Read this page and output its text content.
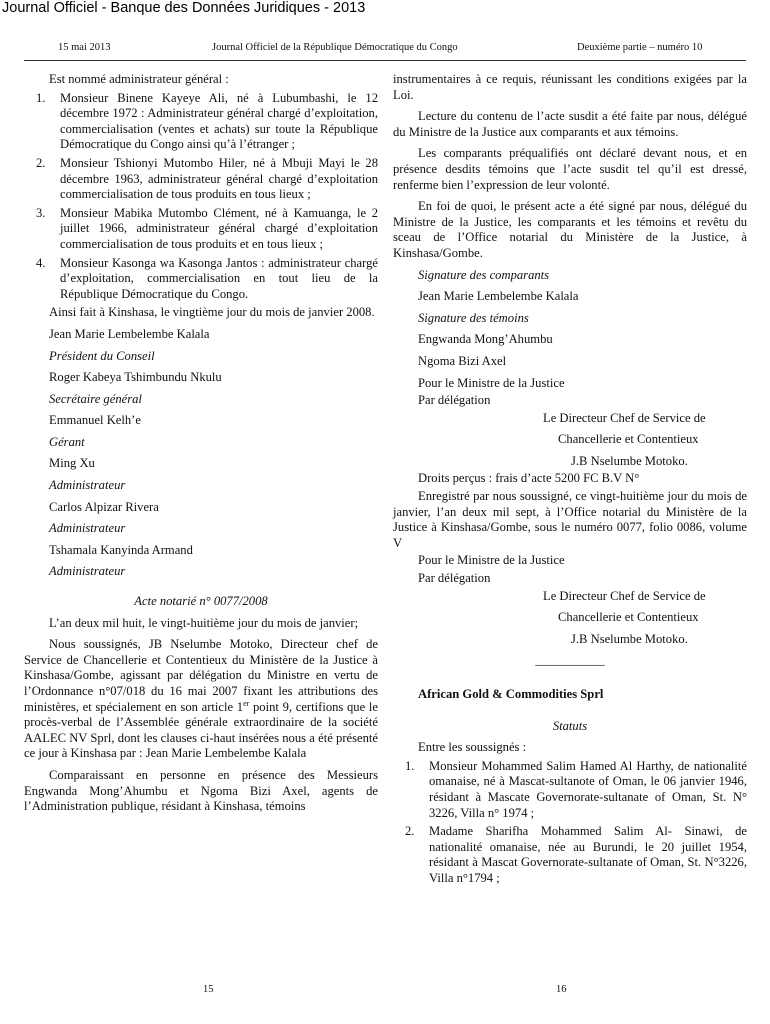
Journal Officiel - Banque des Données Juridiques - 2013
15 mai 2013	Journal Officiel de la République Démocratique du Congo	Deuxième partie – numéro 10

Est nommé administrateur général :

1. Monsieur Binene Kayeye Ali, né à Lubumbashi, le 12 décembre 1972 : Administrateur général chargé d’exploitation, commercialisation (ventes et achats) sur toute la République Démocratique du Congo ainsi qu’à l’étranger ;
2. Monsieur Tshionyi Mutombo Hiler, né à Mbuji Mayi le 28 décembre 1963, administrateur général chargé d’exploitation commercialisation de tous produits en tous lieux ;
3. Monsieur Mabika Mutombo Clément, né à Kamuanga, le 2 juillet 1966, administrateur général chargé d’exploitation commercialisation de tous produits et en tous lieux ;
4. Monsieur Kasonga wa Kasonga Jantos : administrateur chargé d’exploitation, commercialisation en tout lieu de la République Démocratique du Congo.

Ainsi fait à Kinshasa, le vingtième jour du mois de janvier 2008.

Jean Marie Lembelembe Kalala

Président du Conseil

Roger Kabeya Tshimbundu Nkulu

Secrétaire général

Emmanuel Kelh’e

Gérant

Ming Xu

Administrateur

Carlos Alpizar Rivera

Administrateur

Tshamala Kanyinda Armand

Administrateur

Acte notarié n° 0077/2008

L’an deux mil huit, le vingt-huitième jour du mois de janvier;

Nous soussignés, JB Nselumbe Motoko, Directeur chef de Service de Chancellerie et Contentieux du Ministère de la Justice à Kinshasa/Gombe, agissant par délégation du Ministre en vertu de l’Ordonnance n°07/018 du 16 mai 2007 fixant les attributions des ministères, et spécialement en son article 1er point 9, certifions que le procès-verbal de l’Assemblée générale extraordinaire de la société AALEC NV Sprl, dont les clauses ci-haut insérées nous a été présenté ce jour à Kinshasa par : Jean Marie Lembelembe Kalala

Comparaissant en personne en présence des Messieurs Engwanda Mong’Ahumbu et Ngoma Bizi Axel, agents de l’Administration publique, résidant à Kinshasa, témoins

instrumentaires à ce requis, réunissant les conditions exigées par la Loi.

Lecture du contenu de l’acte susdit a été faite par nous, délégué du Ministre de la Justice aux comparants et aux témoins.

Les comparants préqualifiés ont déclaré devant nous, et en présence desdits témoins que l’acte susdit tel qu’il est dressé, renferme bien l’expression de leur volonté.

En foi de quoi, le présent acte a été signé par nous, délégué du Ministre de la Justice, les comparants et les témoins et revêtu du sceau de l’Office notarial du Ministère de la Justice, à Kinshasa/Gombe.

Signature des comparants

Jean Marie Lembelembe Kalala

Signature des témoins

Engwanda Mong’Ahumbu

Ngoma Bizi Axel

Pour le Ministre de la Justice

Par délégation

Le Directeur Chef de Service de

Chancellerie et Contentieux

J.B Nselumbe Motoko.

Droits perçus : frais d’acte 5200 FC B.V N°

Enregistré par nous soussigné, ce vingt-huitième jour du mois de janvier, l’an deux mil sept, à l’Office notarial du Ministère de la Justice à Kinshasa/Gombe, sous le numéro 0077, folio 0086, volume V

Pour le Ministre de la Justice

Par délégation

Le Directeur Chef de Service de

Chancellerie et Contentieux

J.B Nselumbe Motoko.

___________

African Gold & Commodities Sprl

Statuts

Entre les soussignés :

1. Monsieur Mohammed Salim Hamed Al Harthy, de nationalité omanaise, né à Mascat-sultanote of Oman, le 06 janvier 1946, résidant à Mascate Governorate-sultanate of Oman, St. N° 3226, Villa n° 1974 ;
2. Madame Sharifha Mohammed Salim Al- Sinawi, de nationalité omanaise, née au Burundi, le 20 juillet 1954, résidant à Mascat Governorate-sultanate of Oman, St. N°3226, Villa n°1794 ;
15	16
